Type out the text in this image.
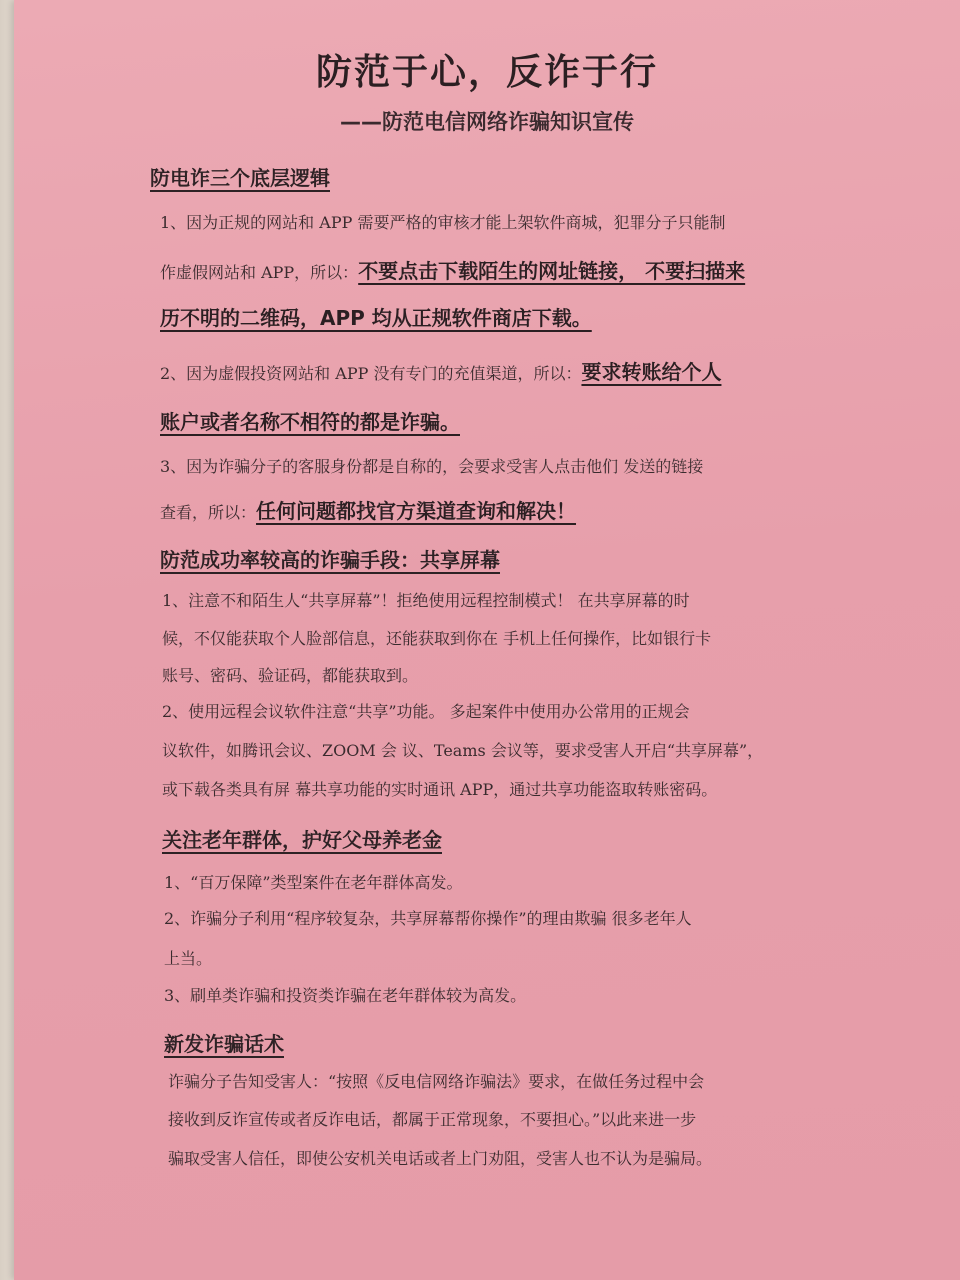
防范于心，反诈于行
——防范电信网络诈骗知识宣传
防电诈三个底层逻辑
1、因为正规的网站和 APP 需要严格的审核才能上架软件商城，犯罪分子只能制
作虚假网站和 APP，所以：不要点击下载陌生的网址链接， 不要扫描来
历不明的二维码，APP 均从正规软件商店下载。
2、因为虚假投资网站和 APP 没有专门的充值渠道，所以：要求转账给个人
账户或者名称不相符的都是诈骗。
3、因为诈骗分子的客服身份都是自称的，会要求受害人点击他们 发送的链接
查看，所以：任何问题都找官方渠道查询和解决！
防范成功率较高的诈骗手段：共享屏幕
1、注意不和陌生人“共享屏幕”！拒绝使用远程控制模式！ 在共享屏幕的时
候，不仅能获取个人脸部信息，还能获取到你在 手机上任何操作，比如银行卡
账号、密码、验证码，都能获取到。
2、使用远程会议软件注意“共享”功能。 多起案件中使用办公常用的正规会
议软件，如腾讯会议、ZOOM 会 议、Teams 会议等，要求受害人开启“共享屏幕”，
或下载各类具有屏 幕共享功能的实时通讯 APP，通过共享功能盗取转账密码。
关注老年群体，护好父母养老金
1、“百万保障”类型案件在老年群体高发。
2、诈骗分子利用“程序较复杂，共享屏幕帮你操作”的理由欺骗 很多老年人
上当。
3、刷单类诈骗和投资类诈骗在老年群体较为高发。
新发诈骗话术
诈骗分子告知受害人：“按照《反电信网络诈骗法》要求，在做任务过程中会
接收到反诈宣传或者反诈电话，都属于正常现象，不要担心。”以此来进一步
骗取受害人信任，即使公安机关电话或者上门劝阻，受害人也不认为是骗局。
